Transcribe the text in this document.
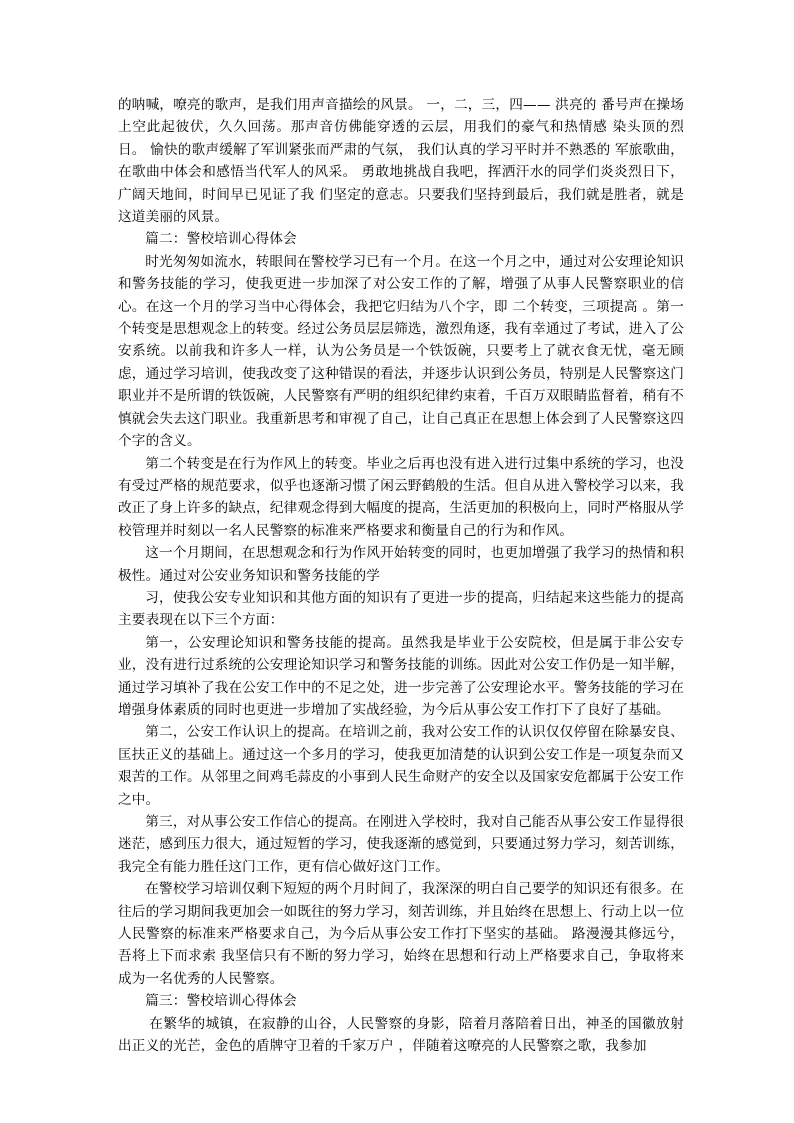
的呐喊，嘹亮的歌声，是我们用声音描绘的风景。 一，二，三，四—— 洪亮的 番号声在操场上空此起彼伏，久久回荡。那声音仿佛能穿透的云层，用我们的豪气和热情感 染头顶的烈日。 愉快的歌声缓解了军训紧张而严肃的气氛， 我们认真的学习平时并不熟悉的 军旅歌曲，在歌曲中体会和感悟当代军人的风采。 勇敢地挑战自我吧，挥洒汗水的同学们炎炎烈日下，广阔天地间，时间早已见证了我 们坚定的意志。只要我们坚持到最后，我们就是胜者，就是这道美丽的风景。

篇二：警校培训心得体会

时光匆匆如流水，转眼间在警校学习已有一个月。在这一个月之中，通过对公安理论知识和警务技能的学习，使我更进一步加深了对公安工作的了解，增强了从事人民警察职业的信心。在这一个月的学习当中心得体会，我把它归结为八个字，即 二个转变，三项提高 。第一个转变是思想观念上的转变。经过公务员层层筛选，激烈角逐，我有幸通过了考试，进入了公安系统。以前我和许多人一样，认为公务员是一个铁饭碗，只要考上了就衣食无忧，毫无顾虑，通过学习培训，使我改变了这种错误的看法，并逐步认识到公务员，特别是人民警察这门职业并不是所谓的铁饭碗，人民警察有严明的组织纪律约束着，千百万双眼睛监督着，稍有不慎就会失去这门职业。我重新思考和审视了自己，让自己真正在思想上体会到了人民警察这四个字的含义。

第二个转变是在行为作风上的转变。毕业之后再也没有进入进行过集中系统的学习，也没有受过严格的规范要求，似乎也逐渐习惯了闲云野鹤般的生活。但自从进入警校学习以来，我改正了身上许多的缺点，纪律观念得到大幅度的提高，生活更加的积极向上，同时严格服从学校管理并时刻以一名人民警察的标准来严格要求和衡量自己的行为和作风。

这一个月期间，在思想观念和行为作风开始转变的同时，也更加增强了我学习的热情和积极性。通过对公安业务知识和警务技能的学

习，使我公安专业知识和其他方面的知识有了更进一步的提高，归结起来这些能力的提高主要表现在以下三个方面：

第一，公安理论知识和警务技能的提高。虽然我是毕业于公安院校，但是属于非公安专业，没有进行过系统的公安理论知识学习和警务技能的训练。因此对公安工作仍是一知半解，通过学习填补了我在公安工作中的不足之处，进一步完善了公安理论水平。警务技能的学习在增强身体素质的同时也更进一步增加了实战经验，为今后从事公安工作打下了良好了基础。

第二，公安工作认识上的提高。在培训之前，我对公安工作的认识仅仅停留在除暴安良、匡扶正义的基础上。通过这一个多月的学习，使我更加清楚的认识到公安工作是一项复杂而又艰苦的工作。从邻里之间鸡毛蒜皮的小事到人民生命财产的安全以及国家安危都属于公安工作之中。

第三，对从事公安工作信心的提高。在刚进入学校时，我对自己能否从事公安工作显得很迷茫，感到压力很大，通过短暂的学习，使我逐渐的感觉到，只要通过努力学习，刻苦训练，我完全有能力胜任这门工作，更有信心做好这门工作。

在警校学习培训仅剩下短短的两个月时间了，我深深的明白自己要学的知识还有很多。在往后的学习期间我更加会一如既往的努力学习，刻苦训练，并且始终在思想上、行动上以一位人民警察的标准来严格要求自己，为今后从事公安工作打下坚实的基础。 路漫漫其修远兮，吾将上下而求索 我坚信只有不断的努力学习，始终在思想和行动上严格要求自己，争取将来成为一名优秀的人民警察。

篇三：警校培训心得体会

在繁华的城镇，在寂静的山谷，人民警察的身影，陪着月落陪着日出，神圣的国徽放射出正义的光芒，金色的盾牌守卫着的千家万户 ，伴随着这嘹亮的人民警察之歌，我参加
